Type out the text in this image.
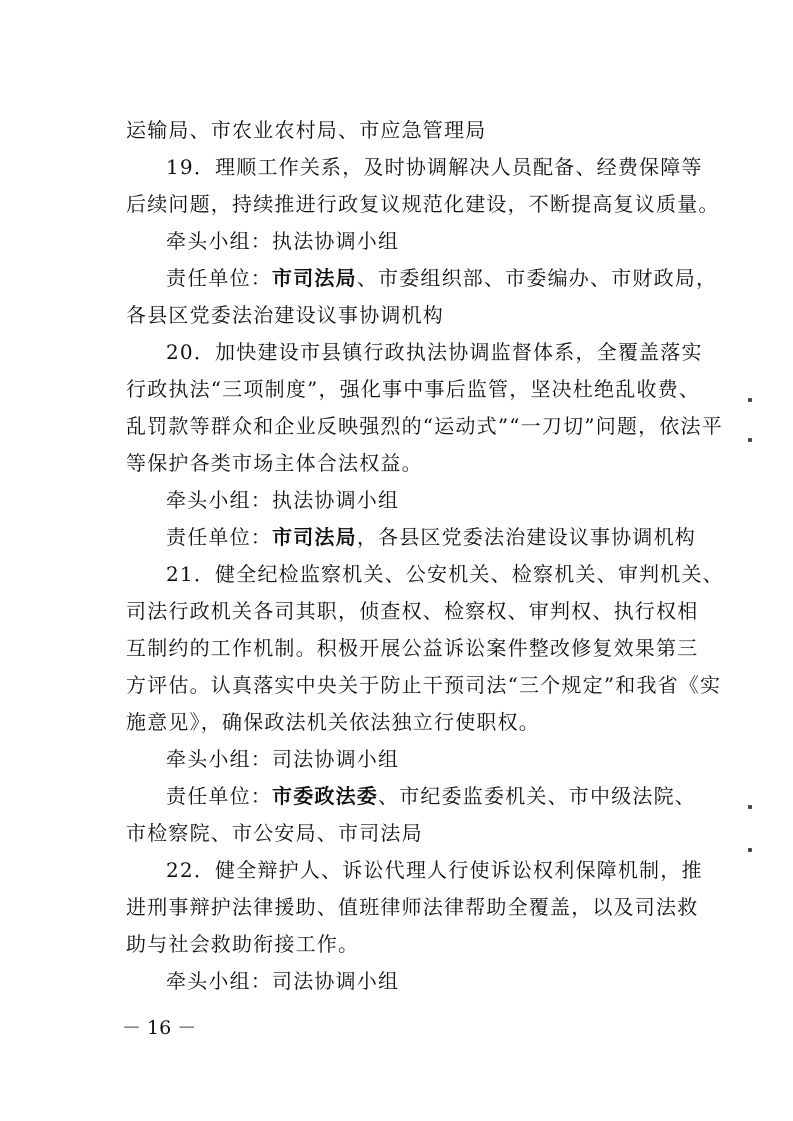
运输局、市农业农村局、市应急管理局
19．理顺工作关系，及时协调解决人员配备、经费保障等
后续问题，持续推进行政复议规范化建设，不断提高复议质量。
牵头小组：执法协调小组
责任单位：市司法局、市委组织部、市委编办、市财政局，
各县区党委法治建设议事协调机构
20．加快建设市县镇行政执法协调监督体系，全覆盖落实
行政执法“三项制度”，强化事中事后监管，坚决杜绝乱收费、
乱罚款等群众和企业反映强烈的“运动式”“一刀切”问题，依法平
等保护各类市场主体合法权益。
牵头小组：执法协调小组
责任单位：市司法局，各县区党委法治建设议事协调机构
21．健全纪检监察机关、公安机关、检察机关、审判机关、
司法行政机关各司其职，侦查权、检察权、审判权、执行权相
互制约的工作机制。积极开展公益诉讼案件整改修复效果第三
方评估。认真落实中央关于防止干预司法“三个规定”和我省《实
施意见》，确保政法机关依法独立行使职权。
牵头小组：司法协调小组
责任单位：市委政法委、市纪委监委机关、市中级法院、
市检察院、市公安局、市司法局
22．健全辩护人、诉讼代理人行使诉讼权利保障机制，推
进刑事辩护法律援助、值班律师法律帮助全覆盖，以及司法救
助与社会救助衔接工作。
牵头小组：司法协调小组
－ 16 －
